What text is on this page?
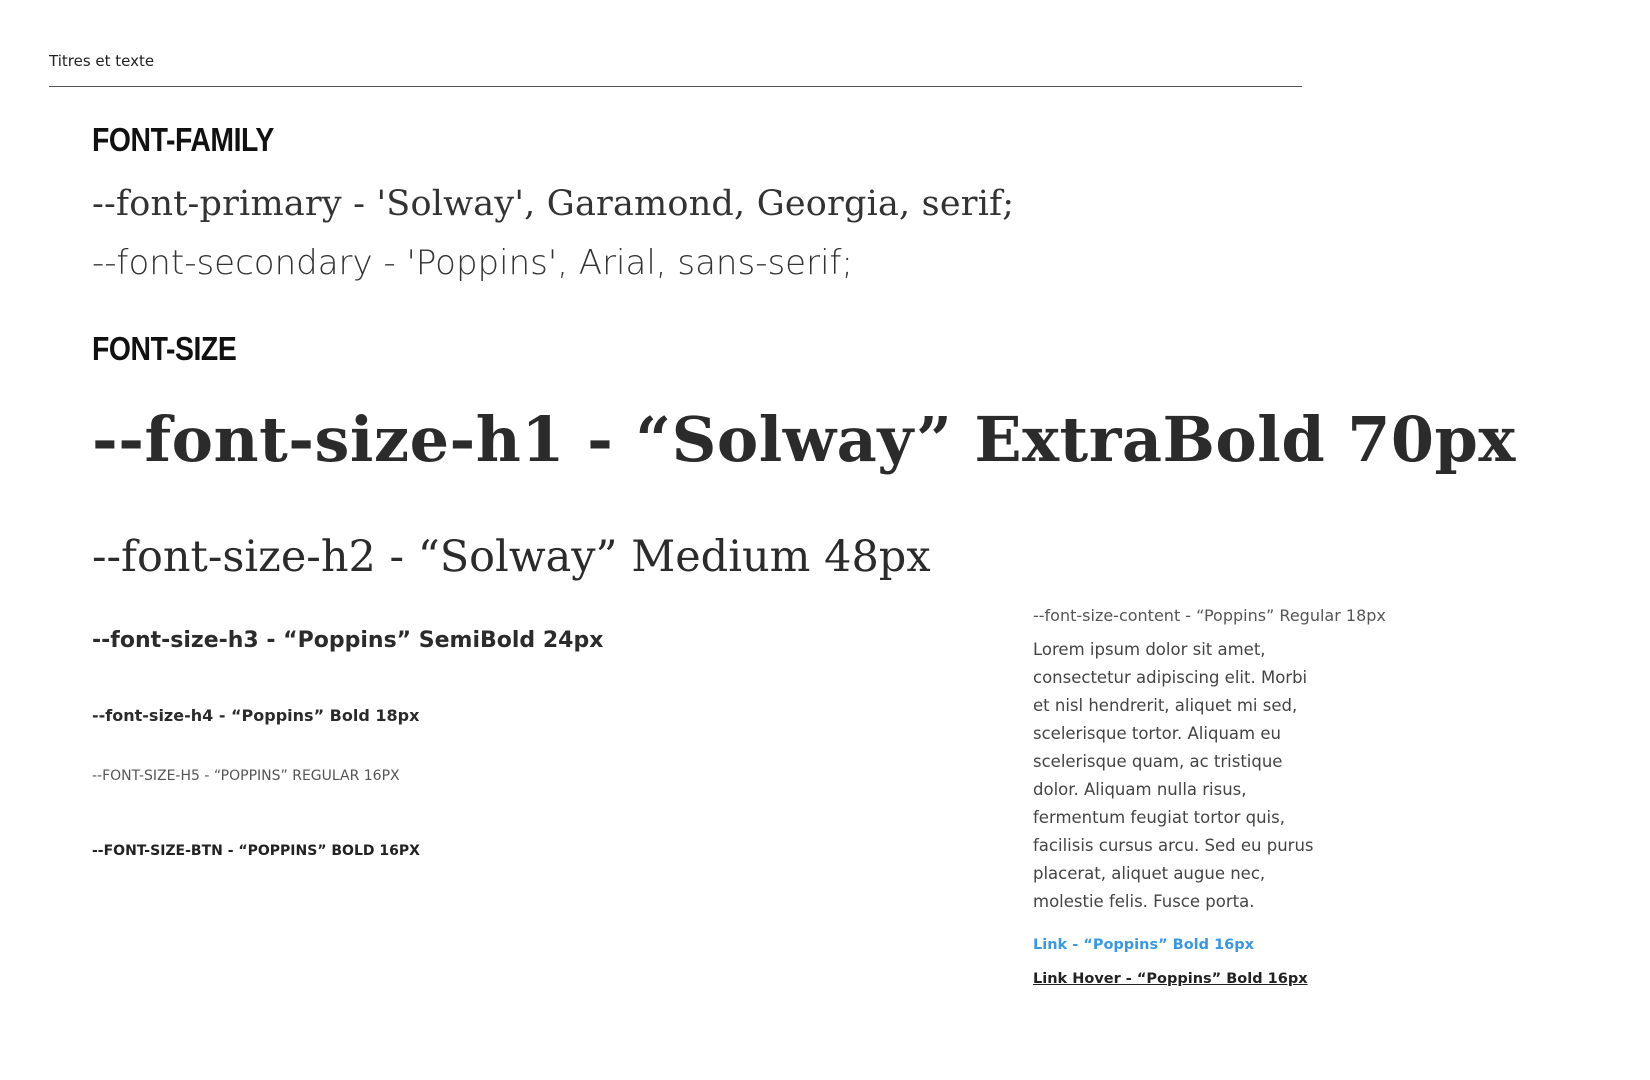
Titres et texte
FONT-FAMILY
--font-primary - 'Solway', Garamond, Georgia, serif;
--font-secondary - 'Poppins', Arial, sans-serif;
FONT-SIZE
--font-size-h1 - “Solway” ExtraBold 70px
--font-size-h2 - “Solway” Medium 48px
--font-size-h3 - “Poppins” SemiBold 24px
--font-size-h4 - “Poppins” Bold 18px
--FONT-SIZE-H5 - “POPPINS” REGULAR 16PX
--FONT-SIZE-BTN - “POPPINS” BOLD 16PX
--font-size-content - “Poppins” Regular 18px
Lorem ipsum dolor sit amet,
consectetur adipiscing elit. Morbi
et nisl hendrerit, aliquet mi sed,
scelerisque tortor. Aliquam eu
scelerisque quam, ac tristique
dolor. Aliquam nulla risus,
fermentum feugiat tortor quis,
facilisis cursus arcu. Sed eu purus
placerat, aliquet augue nec,
molestie felis. Fusce porta.
Link - “Poppins” Bold 16px
Link Hover - “Poppins” Bold 16px
